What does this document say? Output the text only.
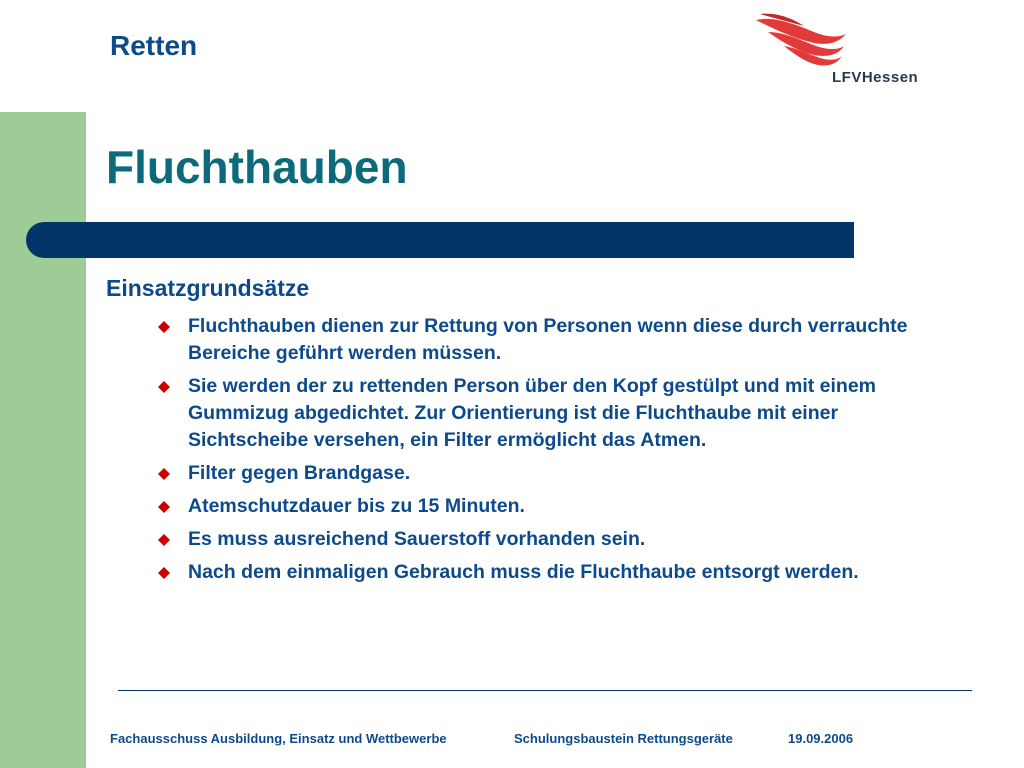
Retten
LFVHessen
Fluchthauben
Einsatzgrundsätze
Fluchthauben dienen zur Rettung von Personen wenn diese durch verrauchte Bereiche geführt werden müssen.
Sie werden der zu rettenden Person über den Kopf gestülpt und mit einem Gummizug abgedichtet. Zur Orientierung ist die Fluchthaube mit einer Sichtscheibe versehen, ein Filter ermöglicht das Atmen.
Filter gegen Brandgase.
Atemschutzdauer bis zu 15 Minuten.
Es muss ausreichend Sauerstoff vorhanden sein.
Nach dem einmaligen Gebrauch muss die Fluchthaube entsorgt werden.
Fachausschuss Ausbildung, Einsatz und Wettbewerbe	Schulungsbaustein Rettungsgeräte	19.09.2006
